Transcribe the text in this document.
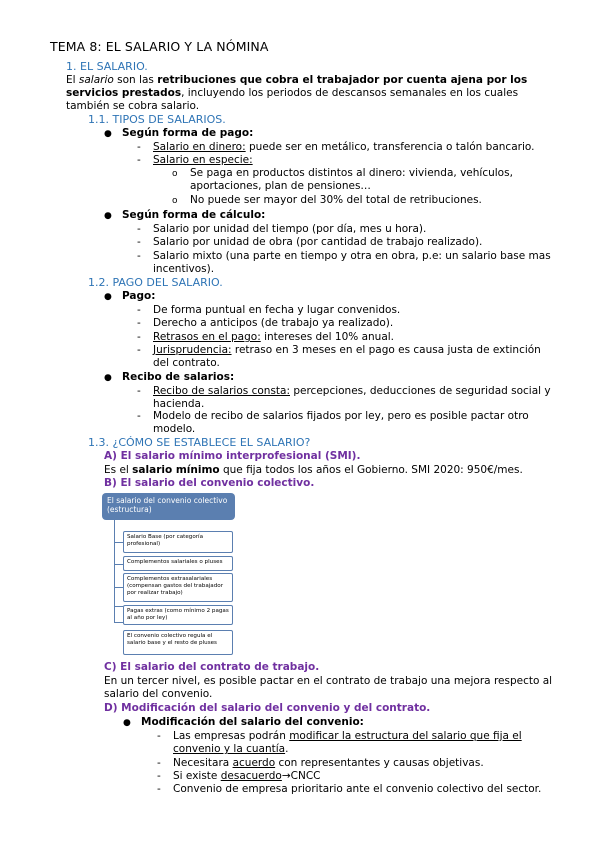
TEMA 8: EL SALARIO Y LA NÓMINA
1. EL SALARIO.
El salario son las retribuciones que cobra el trabajador por cuenta ajena por los servicios prestados, incluyendo los periodos de descansos semanales en los cuales también se cobra salario.
1.1. TIPOS DE SALARIOS.
● Según forma de pago:
- Salario en dinero: puede ser en metálico, transferencia o talón bancario.
- Salario en especie:
o Se paga en productos distintos al dinero: vivienda, vehículos,
aportaciones, plan de pensiones…
o No puede ser mayor del 30% del total de retribuciones.
● Según forma de cálculo:
- Salario por unidad del tiempo (por día, mes u hora).
- Salario por unidad de obra (por cantidad de trabajo realizado).
- Salario mixto (una parte en tiempo y otra en obra, p.e: un salario base mas
incentivos).
1.2. PAGO DEL SALARIO.
● Pago:
- De forma puntual en fecha y lugar convenidos.
- Derecho a anticipos (de trabajo ya realizado).
- Retrasos en el pago: intereses del 10% anual.
- Jurisprudencia: retraso en 3 meses en el pago es causa justa de extinción
del contrato.
● Recibo de salarios:
- Recibo de salarios consta: percepciones, deducciones de seguridad social y
hacienda.
- Modelo de recibo de salarios fijados por ley, pero es posible pactar otro
modelo.
1.3. ¿CÓMO SE ESTABLECE EL SALARIO?
A) El salario mínimo interprofesional (SMI).
Es el salario mínimo que fija todos los años el Gobierno. SMI 2020: 950€/mes.
B) El salario del convenio colectivo.
El salario del convenio colectivo (estructura)
Salario Base (por categoría profesional)
Complementos salariales o pluses
Complementos extrasalariales (compensan gastos del trabajador por realizar trabajo)
Pagas extras (como mínimo 2 pagas al año por ley)
El convenio colectivo regula el salario base y el resto de pluses
C) El salario del contrato de trabajo.
En un tercer nivel, es posible pactar en el contrato de trabajo una mejora respecto al
salario del convenio.
D) Modificación del salario del convenio y del contrato.
● Modificación del salario del convenio:
- Las empresas podrán modificar la estructura del salario que fija el
convenio y la cuantía.
- Necesitara acuerdo con representantes y causas objetivas.
- Si existe desacuerdo→CNCC
- Convenio de empresa prioritario ante el convenio colectivo del sector.
